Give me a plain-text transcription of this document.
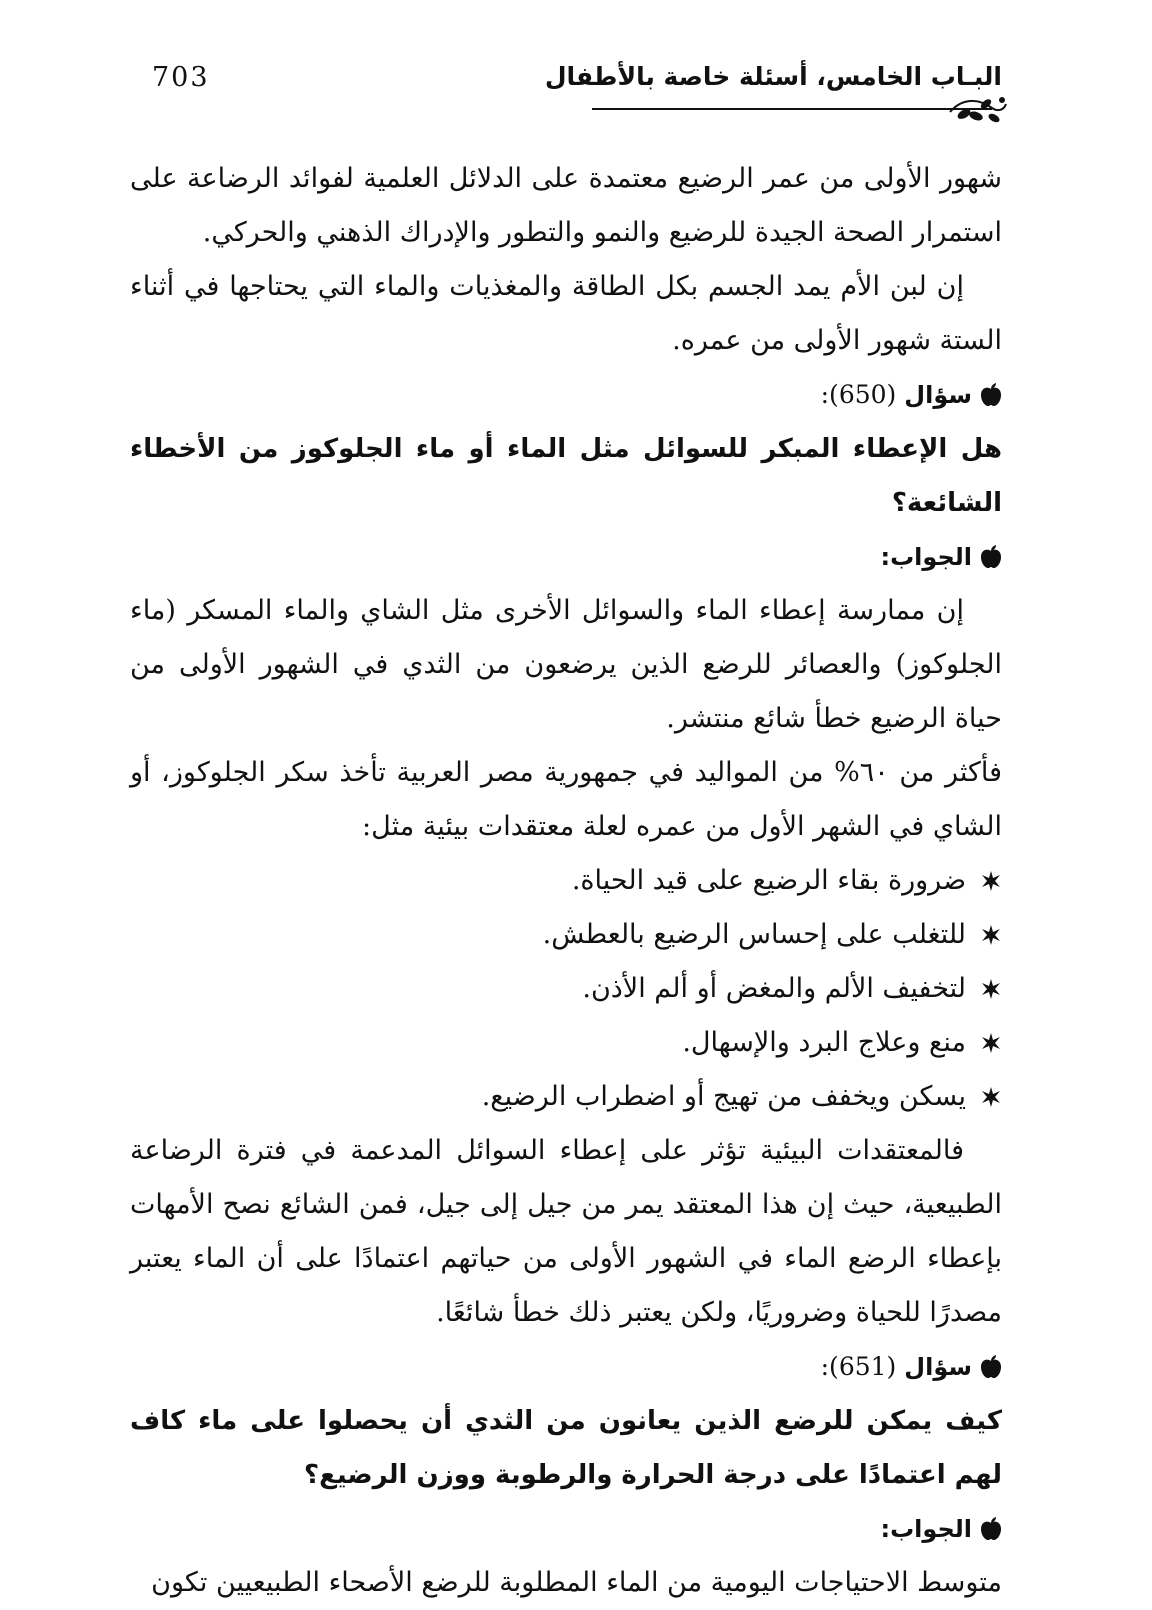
703	البـاب الخامس، أسئلة خاصة بالأطفال

شهور الأولى من عمر الرضيع معتمدة على الدلائل العلمية لفوائد الرضاعة على استمرار الصحة الجيدة للرضيع والنمو والتطور والإدراك الذهني والحركي.

إن لبن الأم يمد الجسم بكل الطاقة والمغذيات والماء التي يحتاجها في أثناء الستة شهور الأولى من عمره.

سؤال
(650):

هل الإعطاء المبكر للسوائل مثل الماء أو ماء الجلوكوز من الأخطاء الشائعة؟

الجواب:

إن ممارسة إعطاء الماء والسوائل الأخرى مثل الشاي والماء المسكر (ماء الجلوكوز) والعصائر للرضع الذين يرضعون من الثدي في الشهور الأولى من حياة الرضيع خطأ شائع منتشر.

فأكثر من ٦٠% من المواليد في جمهورية مصر العربية تأخذ سكر الجلوكوز، أو الشاي في الشهر الأول من عمره لعلة معتقدات بيئية مثل:

ضرورة بقاء الرضيع على قيد الحياة.
للتغلب على إحساس الرضيع بالعطش.
لتخفيف الألم والمغض أو ألم الأذن.
منع وعلاج البرد والإسهال.
يسكن ويخفف من تهيج أو اضطراب الرضيع.

فالمعتقدات البيئية تؤثر على إعطاء السوائل المدعمة في فترة الرضاعة الطبيعية، حيث إن هذا المعتقد يمر من جيل إلى جيل، فمن الشائع نصح الأمهات بإعطاء الرضع الماء في الشهور الأولى من حياتهم اعتمادًا على أن الماء يعتبر مصدرًا للحياة وضروريًا، ولكن يعتبر ذلك خطأ شائعًا.

سؤال
(651):

كيف يمكن للرضع الذين يعانون من الثدي أن يحصلوا على ماء كاف لهم اعتمادًا على درجة الحرارة والرطوبة ووزن الرضيع؟

الجواب:

متوسط الاحتياجات اليومية من الماء المطلوبة للرضع الأصحاء الطبيعيين تكون
